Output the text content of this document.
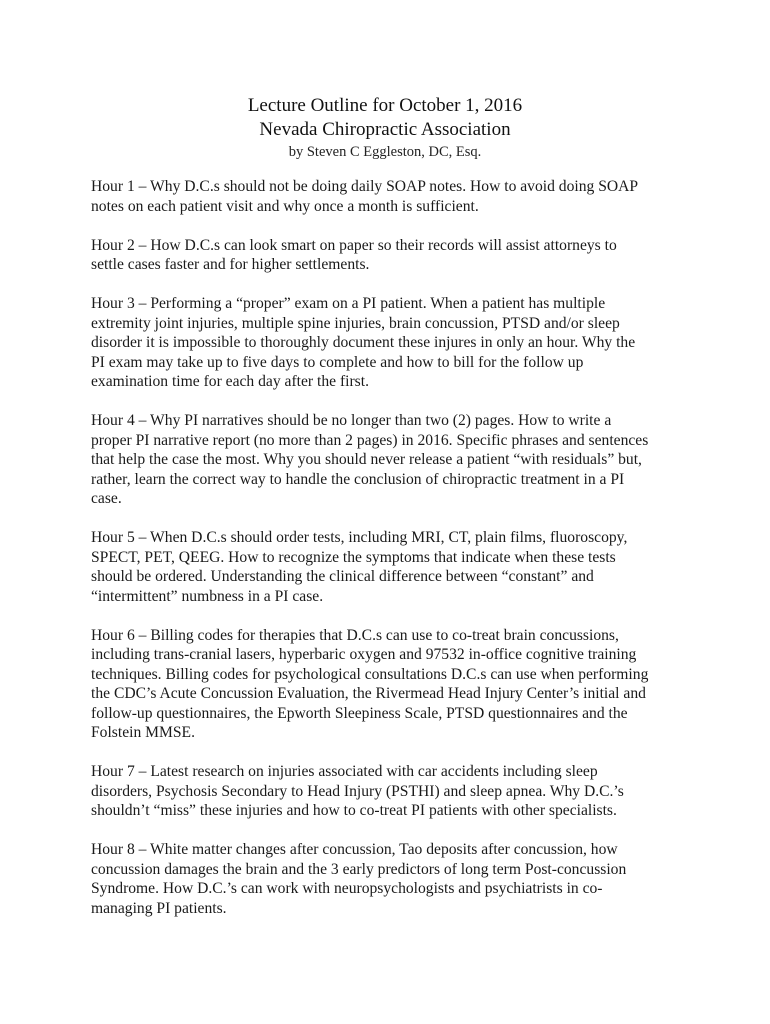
Lecture Outline for October 1, 2016
Nevada Chiropractic Association
by Steven C Eggleston, DC, Esq.

Hour 1 – Why D.C.s should not be doing daily SOAP notes. How to avoid doing SOAP
notes on each patient visit and why once a month is sufficient.

Hour 2 – How D.C.s can look smart on paper so their records will assist attorneys to
settle cases faster and for higher settlements.

Hour 3 – Performing a “proper” exam on a PI patient. When a patient has multiple
extremity joint injuries, multiple spine injuries, brain concussion, PTSD and/or sleep
disorder it is impossible to thoroughly document these injures in only an hour. Why the
PI exam may take up to five days to complete and how to bill for the follow up
examination time for each day after the first.

Hour 4 – Why PI narratives should be no longer than two (2) pages. How to write a
proper PI narrative report (no more than 2 pages) in 2016. Specific phrases and sentences
that help the case the most. Why you should never release a patient “with residuals” but,
rather, learn the correct way to handle the conclusion of chiropractic treatment in a PI
case.

Hour 5 – When D.C.s should order tests, including MRI, CT, plain films, fluoroscopy,
SPECT, PET, QEEG. How to recognize the symptoms that indicate when these tests
should be ordered. Understanding the clinical difference between “constant” and
“intermittent” numbness in a PI case.

Hour 6 – Billing codes for therapies that D.C.s can use to co-treat brain concussions,
including trans-cranial lasers, hyperbaric oxygen and 97532 in-office cognitive training
techniques. Billing codes for psychological consultations D.C.s can use when performing
the CDC’s Acute Concussion Evaluation, the Rivermead Head Injury Center’s initial and
follow-up questionnaires, the Epworth Sleepiness Scale, PTSD questionnaires and the
Folstein MMSE.

Hour 7 – Latest research on injuries associated with car accidents including sleep
disorders, Psychosis Secondary to Head Injury (PSTHI) and sleep apnea. Why D.C.’s
shouldn’t “miss” these injuries and how to co-treat PI patients with other specialists.

Hour 8 – White matter changes after concussion, Tao deposits after concussion, how
concussion damages the brain and the 3 early predictors of long term Post-concussion
Syndrome. How D.C.’s can work with neuropsychologists and psychiatrists in co-
managing PI patients.
